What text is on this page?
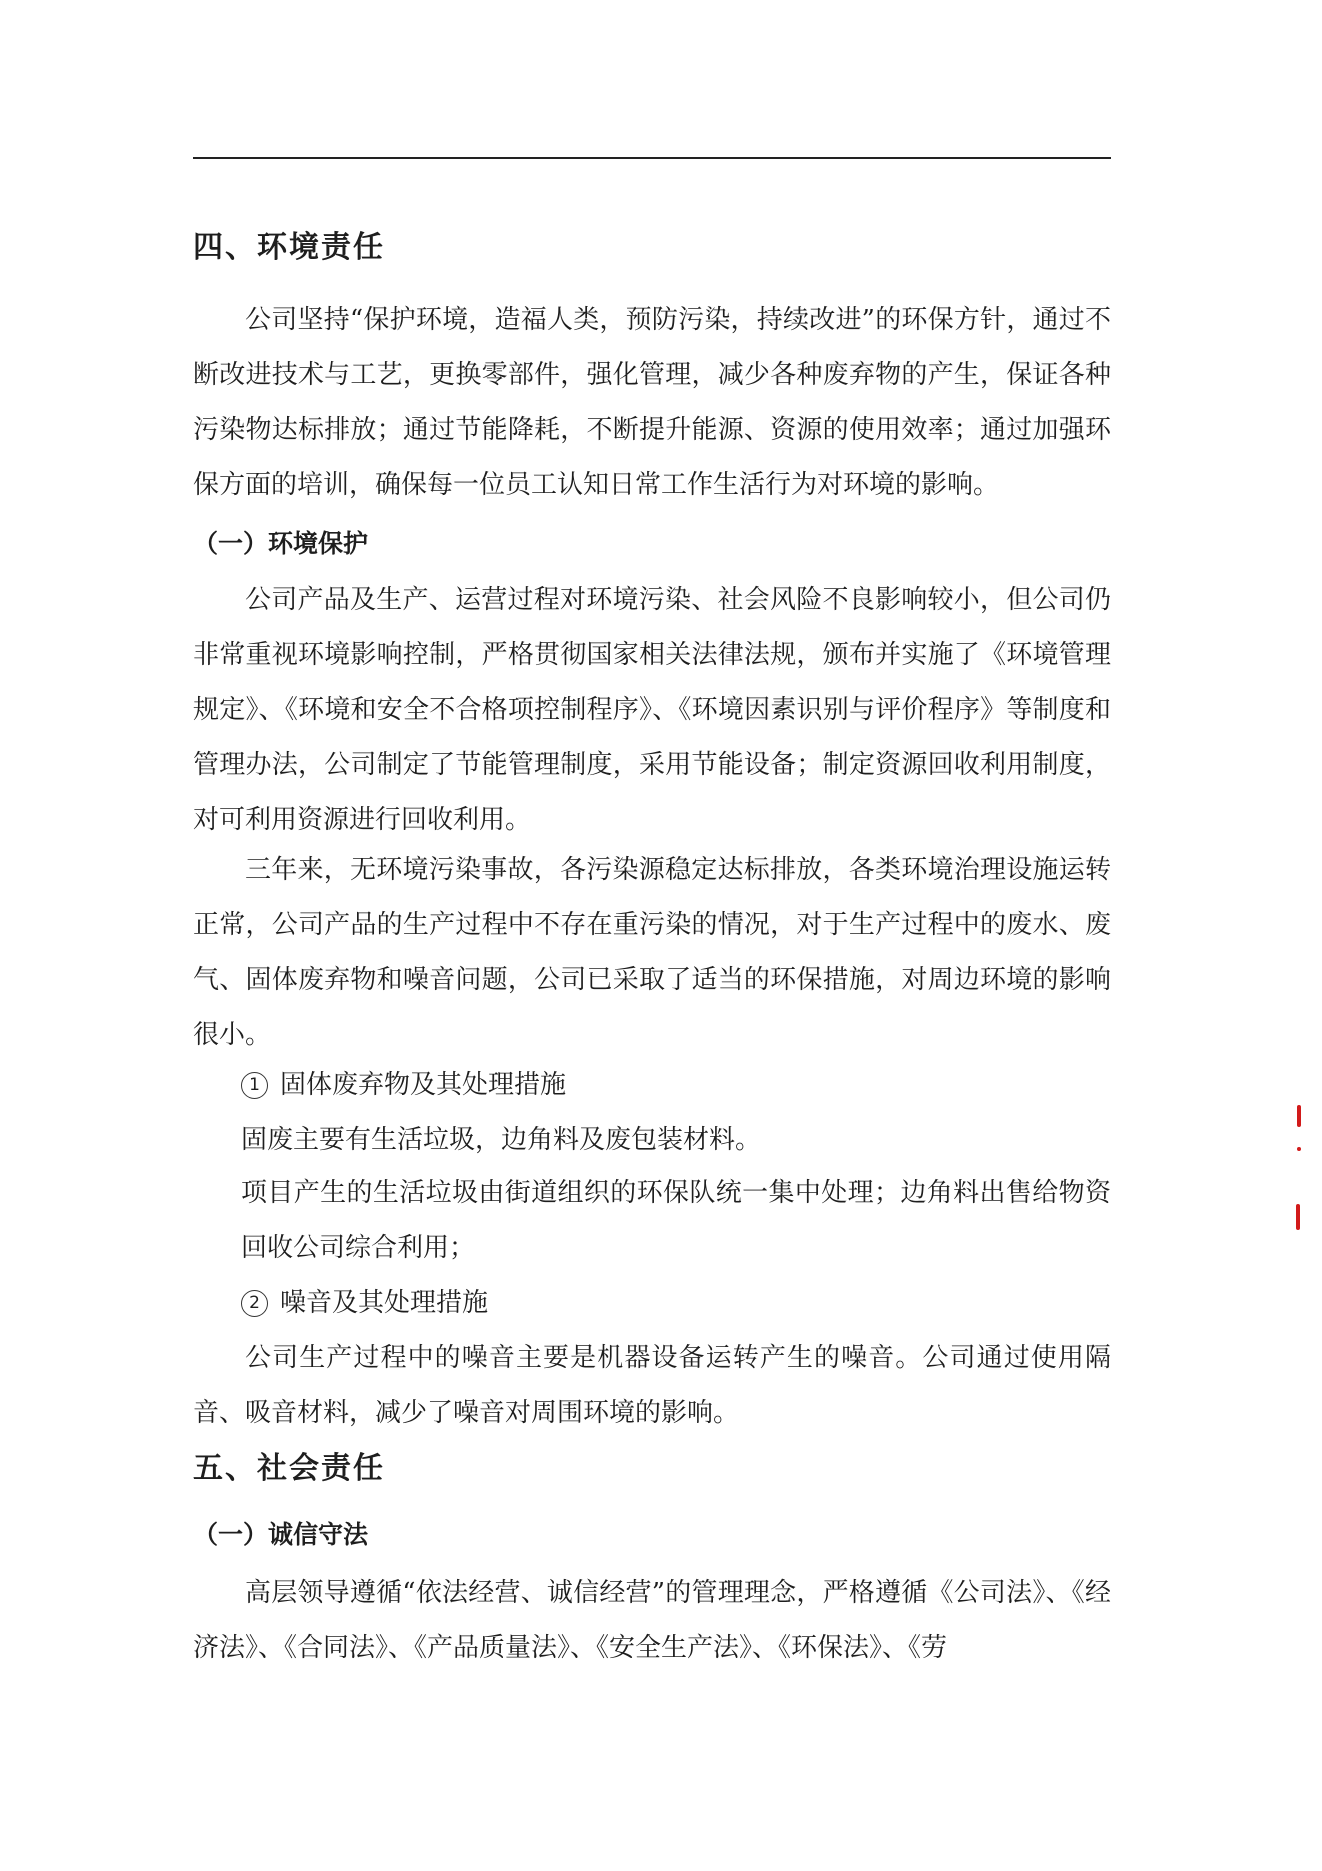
四、环境责任

公司坚持“保护环境，造福人类，预防污染，持续改进”的环保方针，通过不断改进技术与工艺，更换零部件，强化管理，减少各种废弃物的产生，保证各种污染物达标排放；通过节能降耗，不断提升能源、资源的使用效率；通过加强环保方面的培训，确保每一位员工认知日常工作生活行为对环境的影响。

（一）环境保护

公司产品及生产、运营过程对环境污染、社会风险不良影响较小，但公司仍非常重视环境影响控制，严格贯彻国家相关法律法规，颁布并实施了《环境管理规定》、《环境和安全不合格项控制程序》、《环境因素识别与评价程序》等制度和管理办法，公司制定了节能管理制度，采用节能设备；制定资源回收利用制度，对可利用资源进行回收利用。

三年来，无环境污染事故，各污染源稳定达标排放，各类环境治理设施运转正常，公司产品的生产过程中不存在重污染的情况，对于生产过程中的废水、废气、固体废弃物和噪音问题，公司已采取了适当的环保措施，对周边环境的影响很小。

1 固体废弃物及其处理措施

固废主要有生活垃圾，边角料及废包装材料。

项目产生的生活垃圾由街道组织的环保队统一集中处理；边角料出售给物资回收公司综合利用；

2 噪音及其处理措施

公司生产过程中的噪音主要是机器设备运转产生的噪音。公司通过使用隔音、吸音材料，减少了噪音对周围环境的影响。

五、社会责任
（一）诚信守法

高层领导遵循“依法经营、诚信经营”的管理理念，严格遵循《公司法》、《经济法》、《合同法》、《产品质量法》、《安全生产法》、《环保法》、《劳
